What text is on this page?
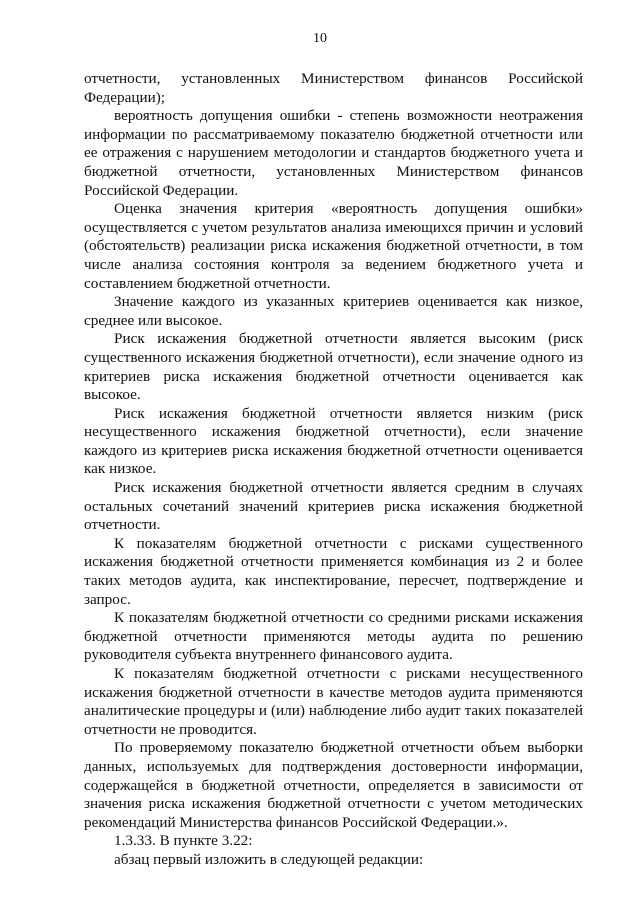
10

отчетности, установленных Министерством финансов Российской Федерации);

вероятность допущения ошибки - степень возможности неотражения информации по рассматриваемому показателю бюджетной отчетности или ее отражения с нарушением методологии и стандартов бюджетного учета и бюджетной отчетности, установленных Министерством финансов Российской Федерации.

Оценка значения критерия «вероятность допущения ошибки» осуществляется с учетом результатов анализа имеющихся причин и условий (обстоятельств) реализации риска искажения бюджетной отчетности, в том числе анализа состояния контроля за ведением бюджетного учета и составлением бюджетной отчетности.

Значение каждого из указанных критериев оценивается как низкое, среднее или высокое.

Риск искажения бюджетной отчетности является высоким (риск существенного искажения бюджетной отчетности), если значение одного из критериев риска искажения бюджетной отчетности оценивается как высокое.

Риск искажения бюджетной отчетности является низким (риск несущественного искажения бюджетной отчетности), если значение каждого из критериев риска искажения бюджетной отчетности оценивается как низкое.

Риск искажения бюджетной отчетности является средним в случаях остальных сочетаний значений критериев риска искажения бюджетной отчетности.

К показателям бюджетной отчетности с рисками существенного искажения бюджетной отчетности применяется комбинация из 2 и более таких методов аудита, как инспектирование, пересчет, подтверждение и запрос.

К показателям бюджетной отчетности со средними рисками искажения бюджетной отчетности применяются методы аудита по решению руководителя субъекта внутреннего финансового аудита.

К показателям бюджетной отчетности с рисками несущественного искажения бюджетной отчетности в качестве методов аудита применяются аналитические процедуры и (или) наблюдение либо аудит таких показателей отчетности не проводится.

По проверяемому показателю бюджетной отчетности объем выборки данных, используемых для подтверждения достоверности информации, содержащейся в бюджетной отчетности, определяется в зависимости от значения риска искажения бюджетной отчетности с учетом методических рекомендаций Министерства финансов Российской Федерации.».

1.3.33. В пункте 3.22:

абзац первый изложить в следующей редакции:
